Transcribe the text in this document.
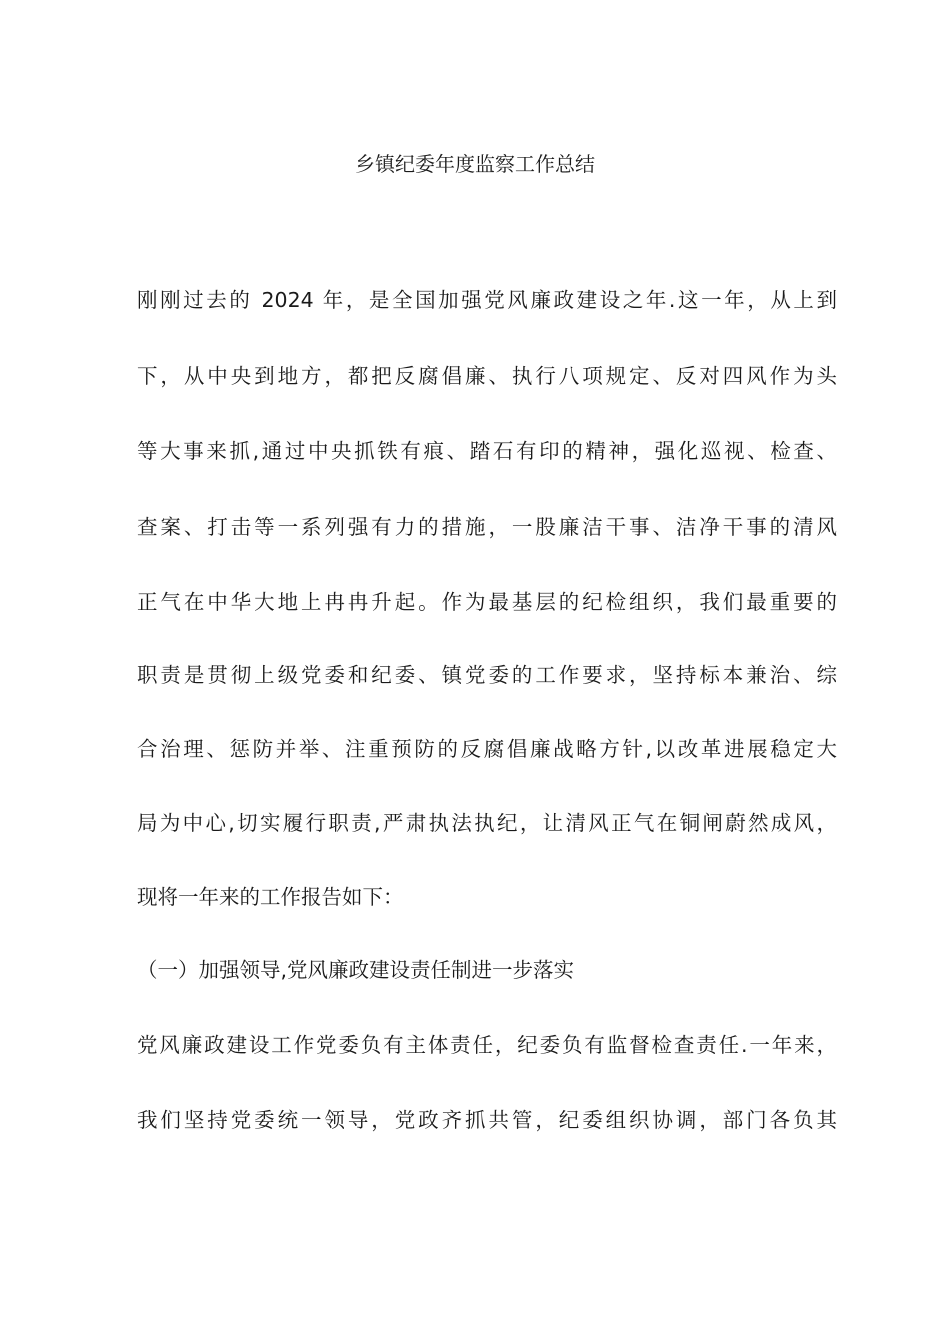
乡镇纪委年度监察工作总结
刚刚过去的 2024 年，是全国加强党风廉政建设之年.这一年，从上到
下，从中央到地方，都把反腐倡廉、执行八项规定、反对四风作为头
等大事来抓,通过中央抓铁有痕、踏石有印的精神，强化巡视、检查、
查案、打击等一系列强有力的措施，一股廉洁干事、洁净干事的清风
正气在中华大地上冉冉升起。作为最基层的纪检组织，我们最重要的
职责是贯彻上级党委和纪委、镇党委的工作要求，坚持标本兼治、综
合治理、惩防并举、注重预防的反腐倡廉战略方针,以改革进展稳定大
局为中心,切实履行职责,严肃执法执纪，让清风正气在铜闸蔚然成风，
现将一年来的工作报告如下：
（一）加强领导,党风廉政建设责任制进一步落实
党风廉政建设工作党委负有主体责任，纪委负有监督检查责任.一年来，
我们坚持党委统一领导，党政齐抓共管，纪委组织协调，部门各负其
